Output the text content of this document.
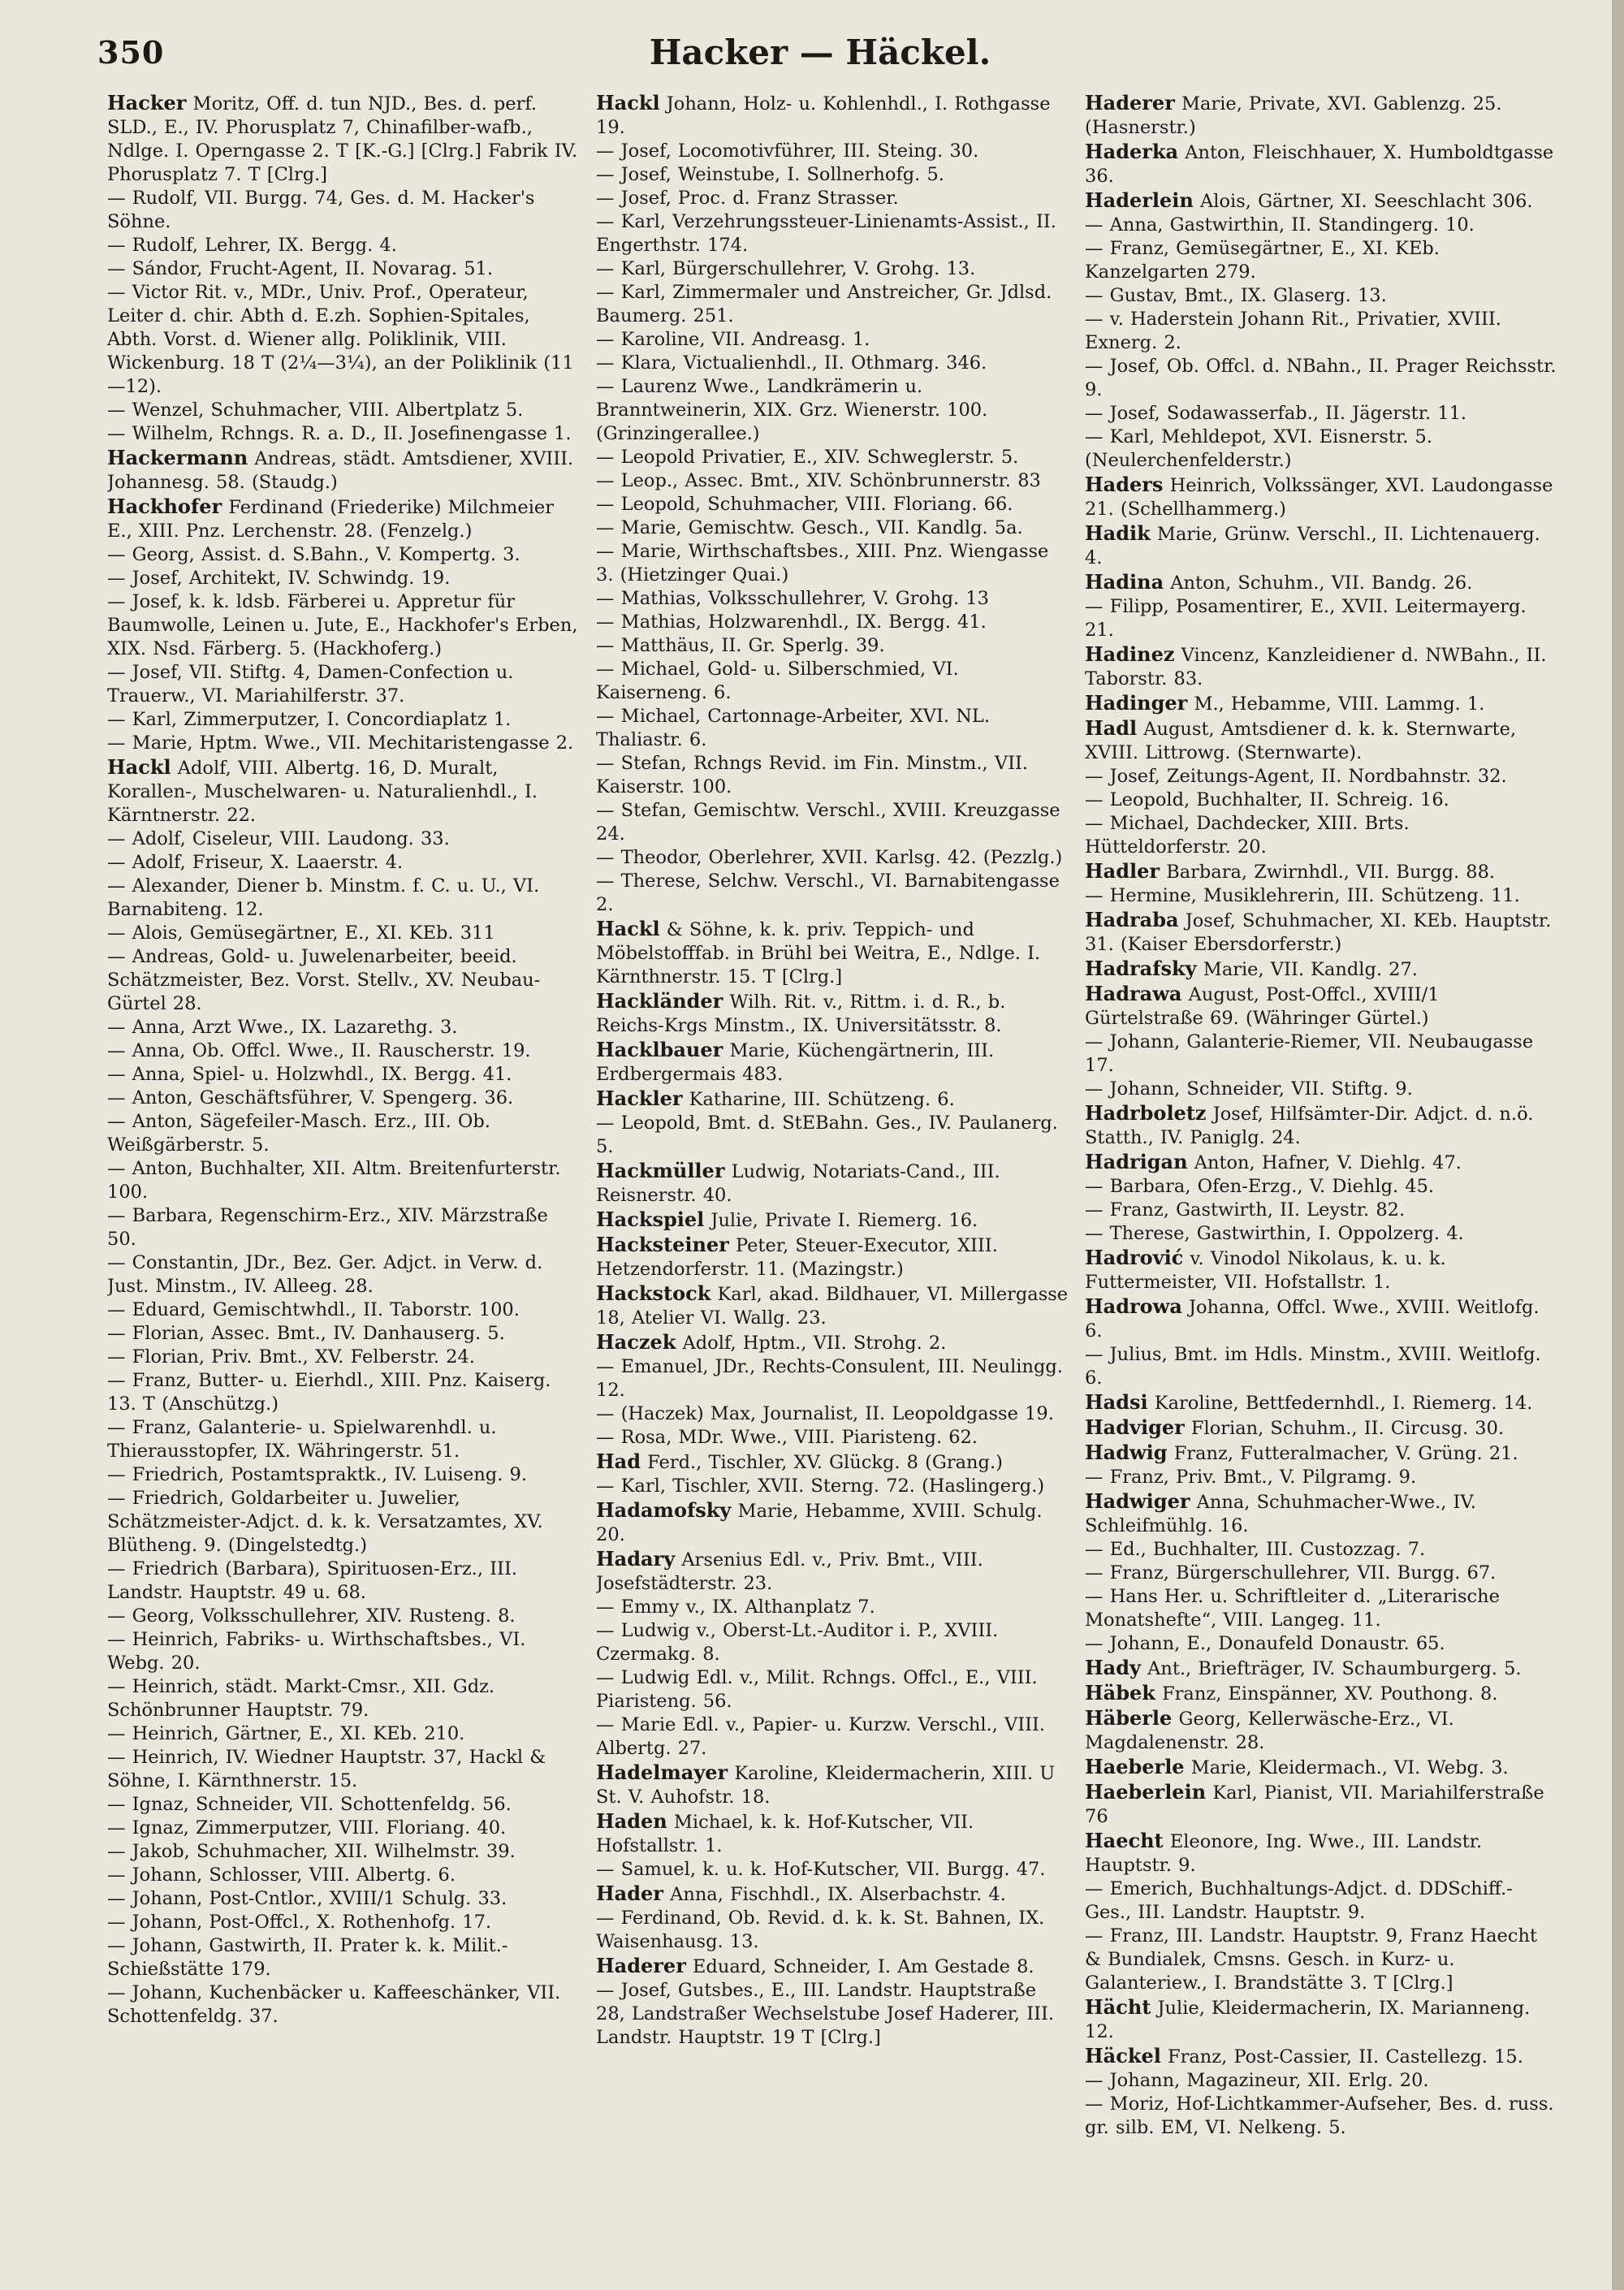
350	Hacker — Häckel.

Hacker Moritz, Off. d. tun NJD., Bes. d. perf. SLD., E., IV. Phorusplatz 7, Chinafilber-wafb., Ndlge. I. Operngasse 2. T [K.-G.] [Clrg.] Fabrik IV. Phorusplatz 7. T [Clrg.]

— Rudolf, VII. Burgg. 74, Ges. d. M. Hacker's Söhne.

— Rudolf, Lehrer, IX. Bergg. 4.

— Sándor, Frucht-Agent, II. Novarag. 51.

— Victor Rit. v., MDr., Univ. Prof., Operateur, Leiter d. chir. Abth d. E.zh. Sophien-Spitales, Abth. Vorst. d. Wiener allg. Poliklinik, VIII. Wickenburg. 18 T (2¼—3¼), an der Poliklinik (11—12).

— Wenzel, Schuhmacher, VIII. Albertplatz 5.

— Wilhelm, Rchngs. R. a. D., II. Josefinengasse 1.

Hackermann Andreas, städt. Amtsdiener, XVIII. Johannesg. 58. (Staudg.)

Hackhofer Ferdinand (Friederike) Milchmeier E., XIII. Pnz. Lerchenstr. 28. (Fenzelg.)

— Georg, Assist. d. S.Bahn., V. Kompertg. 3.

— Josef, Architekt, IV. Schwindg. 19.

— Josef, k. k. ldsb. Färberei u. Appretur für Baumwolle, Leinen u. Jute, E., Hackhofer's Erben, XIX. Nsd. Färberg. 5. (Hackhoferg.)

— Josef, VII. Stiftg. 4, Damen-Confection u. Trauerw., VI. Mariahilferstr. 37.

— Karl, Zimmerputzer, I. Concordiaplatz 1.

— Marie, Hptm. Wwe., VII. Mechitaristengasse 2.

Hackl Adolf, VIII. Albertg. 16, D. Muralt, Korallen-, Muschelwaren- u. Naturalienhdl., I. Kärntnerstr. 22.

— Adolf, Ciseleur, VIII. Laudong. 33.

— Adolf, Friseur, X. Laaerstr. 4.

— Alexander, Diener b. Minstm. f. C. u. U., VI. Barnabiteng. 12.

— Alois, Gemüsegärtner, E., XI. KEb. 311

— Andreas, Gold- u. Juwelenarbeiter, beeid. Schätzmeister, Bez. Vorst. Stellv., XV. Neubau-Gürtel 28.

— Anna, Arzt Wwe., IX. Lazarethg. 3.

— Anna, Ob. Offcl. Wwe., II. Rauscherstr. 19.

— Anna, Spiel- u. Holzwhdl., IX. Bergg. 41.

— Anton, Geschäftsführer, V. Spengerg. 36.

— Anton, Sägefeiler-Masch. Erz., III. Ob. Weißgärberstr. 5.

— Anton, Buchhalter, XII. Altm. Breitenfurterstr. 100.

— Barbara, Regenschirm-Erz., XIV. Märzstraße 50.

— Constantin, JDr., Bez. Ger. Adjct. in Verw. d. Just. Minstm., IV. Alleeg. 28.

— Eduard, Gemischtwhdl., II. Taborstr. 100.

— Florian, Assec. Bmt., IV. Danhauserg. 5.

— Florian, Priv. Bmt., XV. Felberstr. 24.

— Franz, Butter- u. Eierhdl., XIII. Pnz. Kaiserg. 13. T (Anschützg.)

— Franz, Galanterie- u. Spielwarenhdl. u. Thierausstopfer, IX. Währingerstr. 51.

— Friedrich, Postamtspraktk., IV. Luiseng. 9.

— Friedrich, Goldarbeiter u. Juwelier, Schätzmeister-Adjct. d. k. k. Versatzamtes, XV. Blütheng. 9. (Dingelstedtg.)

— Friedrich (Barbara), Spirituosen-Erz., III. Landstr. Hauptstr. 49 u. 68.

— Georg, Volksschullehrer, XIV. Rusteng. 8.

— Heinrich, Fabriks- u. Wirthschaftsbes., VI. Webg. 20.

— Heinrich, städt. Markt-Cmsr., XII. Gdz. Schönbrunner Hauptstr. 79.

— Heinrich, Gärtner, E., XI. KEb. 210.

— Heinrich, IV. Wiedner Hauptstr. 37, Hackl & Söhne, I. Kärnthnerstr. 15.

— Ignaz, Schneider, VII. Schottenfeldg. 56.

— Ignaz, Zimmerputzer, VIII. Floriang. 40.

— Jakob, Schuhmacher, XII. Wilhelmstr. 39.

— Johann, Schlosser, VIII. Albertg. 6.

— Johann, Post-Cntlor., XVIII/1 Schulg. 33.

— Johann, Post-Offcl., X. Rothenhofg. 17.

— Johann, Gastwirth, II. Prater k. k. Milit.-Schießstätte 179.

— Johann, Kuchenbäcker u. Kaffeeschänker, VII. Schottenfeldg. 37.

Hackl Johann, Holz- u. Kohlenhdl., I. Rothgasse 19.

— Josef, Locomotivführer, III. Steing. 30.

— Josef, Weinstube, I. Sollnerhofg. 5.

— Josef, Proc. d. Franz Strasser.

— Karl, Verzehrungssteuer-Linienamts-Assist., II. Engerthstr. 174.

— Karl, Bürgerschullehrer, V. Grohg. 13.

— Karl, Zimmermaler und Anstreicher, Gr. Jdlsd. Baumerg. 251.

— Karoline, VII. Andreasg. 1.

— Klara, Victualienhdl., II. Othmarg. 346.

— Laurenz Wwe., Landkrämerin u. Branntweinerin, XIX. Grz. Wienerstr. 100. (Grinzingerallee.)

— Leopold Privatier, E., XIV. Schweglerstr. 5.

— Leop., Assec. Bmt., XIV. Schönbrunnerstr. 83

— Leopold, Schuhmacher, VIII. Floriang. 66.

— Marie, Gemischtw. Gesch., VII. Kandlg. 5a.

— Marie, Wirthschaftsbes., XIII. Pnz. Wiengasse 3. (Hietzinger Quai.)

— Mathias, Volksschullehrer, V. Grohg. 13

— Mathias, Holzwarenhdl., IX. Bergg. 41.

— Matthäus, II. Gr. Sperlg. 39.

— Michael, Gold- u. Silberschmied, VI. Kaiserneng. 6.

— Michael, Cartonnage-Arbeiter, XVI. NL. Thaliastr. 6.

— Stefan, Rchngs Revid. im Fin. Minstm., VII. Kaiserstr. 100.

— Stefan, Gemischtw. Verschl., XVIII. Kreuzgasse 24.

— Theodor, Oberlehrer, XVII. Karlsg. 42. (Pezzlg.)

— Therese, Selchw. Verschl., VI. Barnabitengasse 2.

Hackl & Söhne, k. k. priv. Teppich- und Möbelstofffab. in Brühl bei Weitra, E., Ndlge. I. Kärnthnerstr. 15. T [Clrg.]

Hackländer Wilh. Rit. v., Rittm. i. d. R., b. Reichs-Krgs Minstm., IX. Universitätsstr. 8.

Hacklbauer Marie, Küchengärtnerin, III. Erdbergermais 483.

Hackler Katharine, III. Schützeng. 6.

— Leopold, Bmt. d. StEBahn. Ges., IV. Paulanerg. 5.

Hackmüller Ludwig, Notariats-Cand., III. Reisnerstr. 40.

Hackspiel Julie, Private I. Riemerg. 16.

Hacksteiner Peter, Steuer-Executor, XIII. Hetzendorferstr. 11. (Mazingstr.)

Hackstock Karl, akad. Bildhauer, VI. Millergasse 18, Atelier VI. Wallg. 23.

Haczek Adolf, Hptm., VII. Strohg. 2.

— Emanuel, JDr., Rechts-Consulent, III. Neulingg. 12.

— (Haczek) Max, Journalist, II. Leopoldgasse 19.

— Rosa, MDr. Wwe., VIII. Piaristeng. 62.

Had Ferd., Tischler, XV. Glückg. 8 (Grang.)

— Karl, Tischler, XVII. Sterng. 72. (Haslingerg.)

Hadamofsky Marie, Hebamme, XVIII. Schulg. 20.

Hadary Arsenius Edl. v., Priv. Bmt., VIII. Josefstädterstr. 23.

— Emmy v., IX. Althanplatz 7.

— Ludwig v., Oberst-Lt.-Auditor i. P., XVIII. Czermakg. 8.

— Ludwig Edl. v., Milit. Rchngs. Offcl., E., VIII. Piaristeng. 56.

— Marie Edl. v., Papier- u. Kurzw. Verschl., VIII. Albertg. 27.

Hadelmayer Karoline, Kleidermacherin, XIII. U St. V. Auhofstr. 18.

Haden Michael, k. k. Hof-Kutscher, VII. Hofstallstr. 1.

— Samuel, k. u. k. Hof-Kutscher, VII. Burgg. 47.

Hader Anna, Fischhdl., IX. Alserbachstr. 4.

— Ferdinand, Ob. Revid. d. k. k. St. Bahnen, IX. Waisenhausg. 13.

Haderer Eduard, Schneider, I. Am Gestade 8.

— Josef, Gutsbes., E., III. Landstr. Hauptstraße 28, Landstraßer Wechselstube Josef Haderer, III. Landstr. Hauptstr. 19 T [Clrg.]

Haderer Marie, Private, XVI. Gablenzg. 25. (Hasnerstr.)

Haderka Anton, Fleischhauer, X. Humboldtgasse 36.

Haderlein Alois, Gärtner, XI. Seeschlacht 306.

— Anna, Gastwirthin, II. Standingerg. 10.

— Franz, Gemüsegärtner, E., XI. KEb. Kanzelgarten 279.

— Gustav, Bmt., IX. Glaserg. 13.

— v. Haderstein Johann Rit., Privatier, XVIII. Exnerg. 2.

— Josef, Ob. Offcl. d. NBahn., II. Prager Reichsstr. 9.

— Josef, Sodawasserfab., II. Jägerstr. 11.

— Karl, Mehldepot, XVI. Eisnerstr. 5. (Neulerchenfelderstr.)

Haders Heinrich, Volkssänger, XVI. Laudongasse 21. (Schellhammerg.)

Hadik Marie, Grünw. Verschl., II. Lichtenauerg. 4.

Hadina Anton, Schuhm., VII. Bandg. 26.

— Filipp, Posamentirer, E., XVII. Leitermayerg. 21.

Hadinez Vincenz, Kanzleidiener d. NWBahn., II. Taborstr. 83.

Hadinger M., Hebamme, VIII. Lammg. 1.

Hadl August, Amtsdiener d. k. k. Sternwarte, XVIII. Littrowg. (Sternwarte).

— Josef, Zeitungs-Agent, II. Nordbahnstr. 32.

— Leopold, Buchhalter, II. Schreig. 16.

— Michael, Dachdecker, XIII. Brts. Hütteldorferstr. 20.

Hadler Barbara, Zwirnhdl., VII. Burgg. 88.

— Hermine, Musiklehrerin, III. Schützeng. 11.

Hadraba Josef, Schuhmacher, XI. KEb. Hauptstr. 31. (Kaiser Ebersdorferstr.)

Hadrafsky Marie, VII. Kandlg. 27.

Hadrawa August, Post-Offcl., XVIII/1 Gürtelstraße 69. (Währinger Gürtel.)

— Johann, Galanterie-Riemer, VII. Neubaugasse 17.

— Johann, Schneider, VII. Stiftg. 9.

Hadrboletz Josef, Hilfsämter-Dir. Adjct. d. n.ö. Statth., IV. Paniglg. 24.

Hadrigan Anton, Hafner, V. Diehlg. 47.

— Barbara, Ofen-Erzg., V. Diehlg. 45.

— Franz, Gastwirth, II. Leystr. 82.

— Therese, Gastwirthin, I. Oppolzerg. 4.

Hadrović v. Vinodol Nikolaus, k. u. k. Futtermeister, VII. Hofstallstr. 1.

Hadrowa Johanna, Offcl. Wwe., XVIII. Weitlofg. 6.

— Julius, Bmt. im Hdls. Minstm., XVIII. Weitlofg. 6.

Hadsi Karoline, Bettfedernhdl., I. Riemerg. 14.

Hadviger Florian, Schuhm., II. Circusg. 30.

Hadwig Franz, Futteralmacher, V. Grüng. 21.

— Franz, Priv. Bmt., V. Pilgramg. 9.

Hadwiger Anna, Schuhmacher-Wwe., IV. Schleifmühlg. 16.

— Ed., Buchhalter, III. Custozzag. 7.

— Franz, Bürgerschullehrer, VII. Burgg. 67.

— Hans Her. u. Schriftleiter d. „Literarische Monatshefte“, VIII. Langeg. 11.

— Johann, E., Donaufeld Donaustr. 65.

Hady Ant., Briefträger, IV. Schaumburgerg. 5.

Häbek Franz, Einspänner, XV. Pouthong. 8.

Häberle Georg, Kellerwäsche-Erz., VI. Magdalenenstr. 28.

Haeberle Marie, Kleidermach., VI. Webg. 3.

Haeberlein Karl, Pianist, VII. Mariahilferstraße 76

Haecht Eleonore, Ing. Wwe., III. Landstr. Hauptstr. 9.

— Emerich, Buchhaltungs-Adjct. d. DDSchiff.-Ges., III. Landstr. Hauptstr. 9.

— Franz, III. Landstr. Hauptstr. 9, Franz Haecht & Bundialek, Cmsns. Gesch. in Kurz- u. Galanteriew., I. Brandstätte 3. T [Clrg.]

Hächt Julie, Kleidermacherin, IX. Marianneng. 12.

Häckel Franz, Post-Cassier, II. Castellezg. 15.

— Johann, Magazineur, XII. Erlg. 20.

— Moriz, Hof-Lichtkammer-Aufseher, Bes. d. russ. gr. silb. EM, VI. Nelkeng. 5.
